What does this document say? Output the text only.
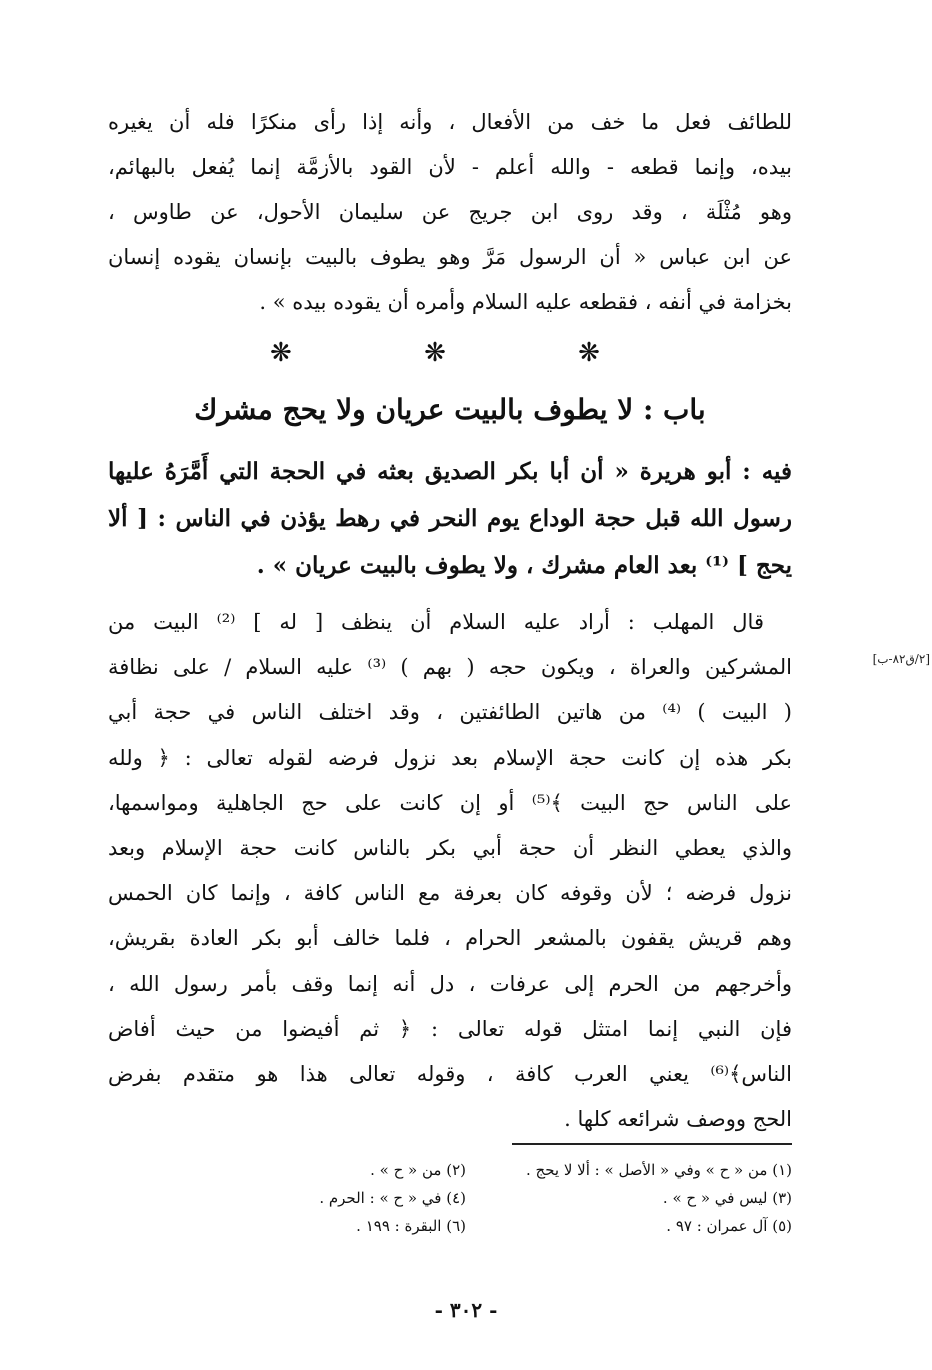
للطائف فعل ما خف من الأفعال ، وأنه إذا رأى منكرًا فله أن يغيره
بيده، وإنما قطعه - والله أعلم - لأن القود بالأزمَّة إنما يُفعل بالبهائم،
وهو مُثْلَة ، وقد روى ابن جريج عن سليمان الأحول، عن طاوس ،
عن ابن عباس « أن الرسول مَرَّ وهو يطوف بالبيت بإنسان يقوده إنسان
بخزامة في أنفه ، فقطعه عليه السلام وأمره أن يقوده بيده » .
❋ ❋ ❋
باب : لا يطوف بالبيت عريان ولا يحج مشرك
فيه : أبو هريرة « أن أبا بكر الصديق بعثه في الحجة التي أَمَّرَهُ عليها
رسول الله قبل حجة الوداع يوم النحر في رهط يؤذن في الناس : [ ألا
يحج ] ⁽¹⁾ بعد العام مشرك ، ولا يطوف بالبيت عريان » .
[٢/ق٨٢-ب]
قال المهلب : أراد عليه السلام أن ينظف [ له ] ⁽²⁾ البيت من
المشركين والعراة ، ويكون حجه ( بهم ) ⁽³⁾ عليه السلام / على نظافة
( البيت ) ⁽⁴⁾ من هاتين الطائفتين ، وقد اختلف الناس في حجة أبي
بكر هذه إن كانت حجة الإسلام بعد نزول فرضه لقوله تعالى : ﴿ ولله
على الناس حج البيت ﴾⁽⁵⁾ أو إن كانت على حج الجاهلية ومواسمها،
والذي يعطي النظر أن حجة أبي بكر بالناس كانت حجة الإسلام وبعد
نزول فرضه ؛ لأن وقوفه كان بعرفة مع الناس كافة ، وإنما كان الحمس
وهم قريش يقفون بالمشعر الحرام ، فلما خالف أبو بكر العادة بقريش،
وأخرجهم من الحرم إلى عرفات ، دل أنه إنما وقف بأمر رسول الله ،
فإن النبي إنما امتثل قوله تعالى : ﴿ ثم أفيضوا من حيث أفاض
الناس﴾⁽⁶⁾ يعني العرب كافة ، وقوله تعالى هذا هو متقدم بفرض
الحج ووصف شرائعه كلها .
(١) من « ح » وفي « الأصل » : ألا لا يحج .
(٢) من « ح » .
(٣) ليس في « ح » .
(٤) في « ح » : الحرم .
(٥) آل عمران : ٩٧ .
(٦) البقرة : ١٩٩ .
- ٣٠٢ -
